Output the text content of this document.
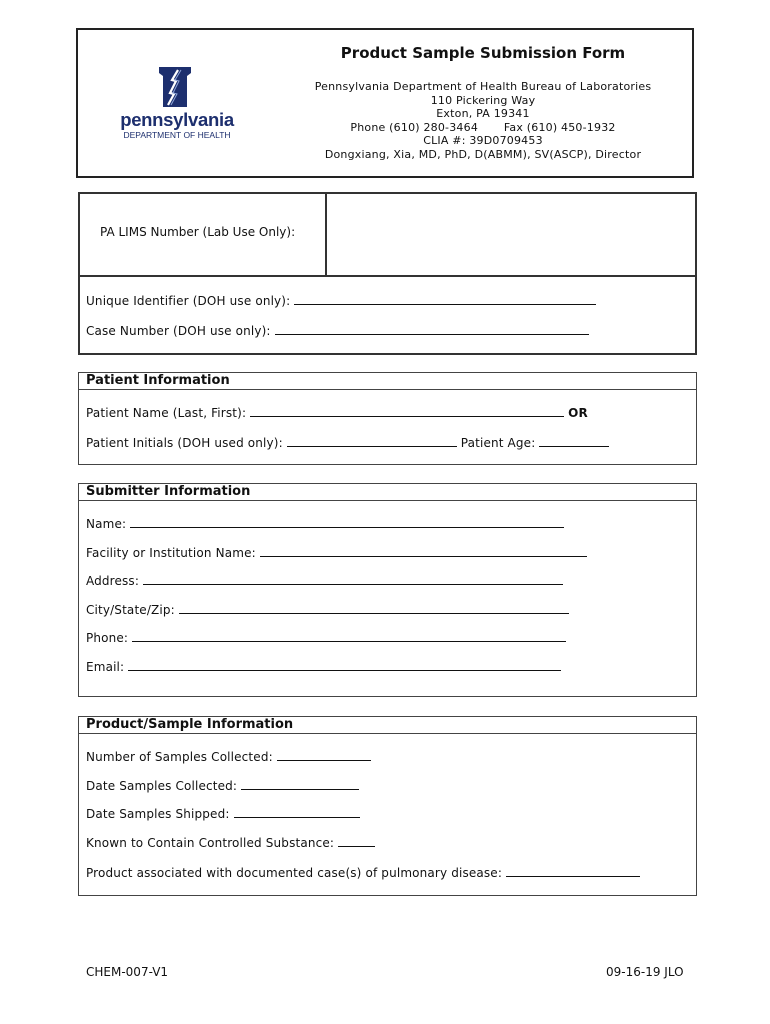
pennsylvania
DEPARTMENT OF HEALTH
Product Sample Submission Form
Pennsylvania Department of Health Bureau of Laboratories
110 Pickering Way
Exton, PA 19341
Phone (610) 280-3464       Fax (610) 450-1932
CLIA #: 39D0709453
Dongxiang, Xia, MD, PhD, D(ABMM), SV(ASCP), Director
PA LIMS Number (Lab Use Only):
Unique Identifier (DOH use only):
Case Number (DOH use only):
Patient Information
Patient Name (Last, First):	OR
Patient Initials (DOH used only):	Patient Age:
Submitter Information
Name:
Facility or Institution Name:
Address:
City/State/Zip:
Phone:
Email:
Product/Sample Information
Number of Samples Collected:
Date Samples Collected:
Date Samples Shipped:
Known to Contain Controlled Substance:
Product associated with documented case(s) of pulmonary disease:
CHEM-007-V1	09-16-19 JLO
